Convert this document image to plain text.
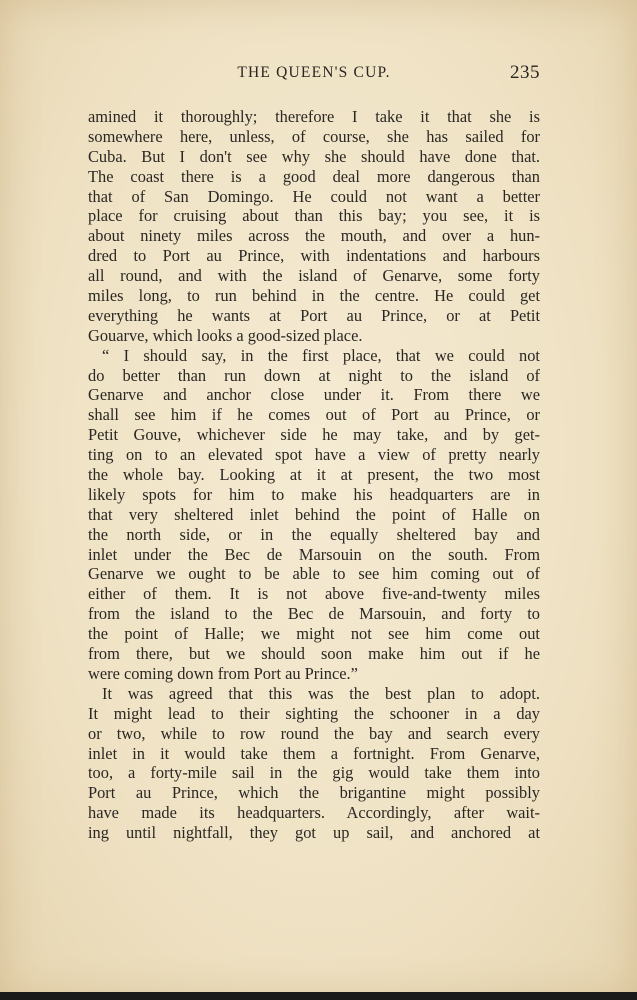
THE QUEEN'S CUP.	235
amined it thoroughly; therefore I take it that she is
somewhere here, unless, of course, she has sailed for
Cuba. But I don't see why she should have done that.
The coast there is a good deal more dangerous than
that of San Domingo. He could not want a better
place for cruising about than this bay; you see, it is
about ninety miles across the mouth, and over a hun-
dred to Port au Prince, with indentations and harbours
all round, and with the island of Genarve, some forty
miles long, to run behind in the centre. He could get
everything he wants at Port au Prince, or at Petit
Gouarve, which looks a good-sized place.
“ I should say, in the first place, that we could not
do better than run down at night to the island of
Genarve and anchor close under it. From there we
shall see him if he comes out of Port au Prince, or
Petit Gouve, whichever side he may take, and by get-
ting on to an elevated spot have a view of pretty nearly
the whole bay. Looking at it at present, the two most
likely spots for him to make his headquarters are in
that very sheltered inlet behind the point of Halle on
the north side, or in the equally sheltered bay and
inlet under the Bec de Marsouin on the south. From
Genarve we ought to be able to see him coming out of
either of them. It is not above five-and-twenty miles
from the island to the Bec de Marsouin, and forty to
the point of Halle; we might not see him come out
from there, but we should soon make him out if he
were coming down from Port au Prince.”
It was agreed that this was the best plan to adopt.
It might lead to their sighting the schooner in a day
or two, while to row round the bay and search every
inlet in it would take them a fortnight. From Genarve,
too, a forty-mile sail in the gig would take them into
Port au Prince, which the brigantine might possibly
have made its headquarters. Accordingly, after wait-
ing until nightfall, they got up sail, and anchored at
